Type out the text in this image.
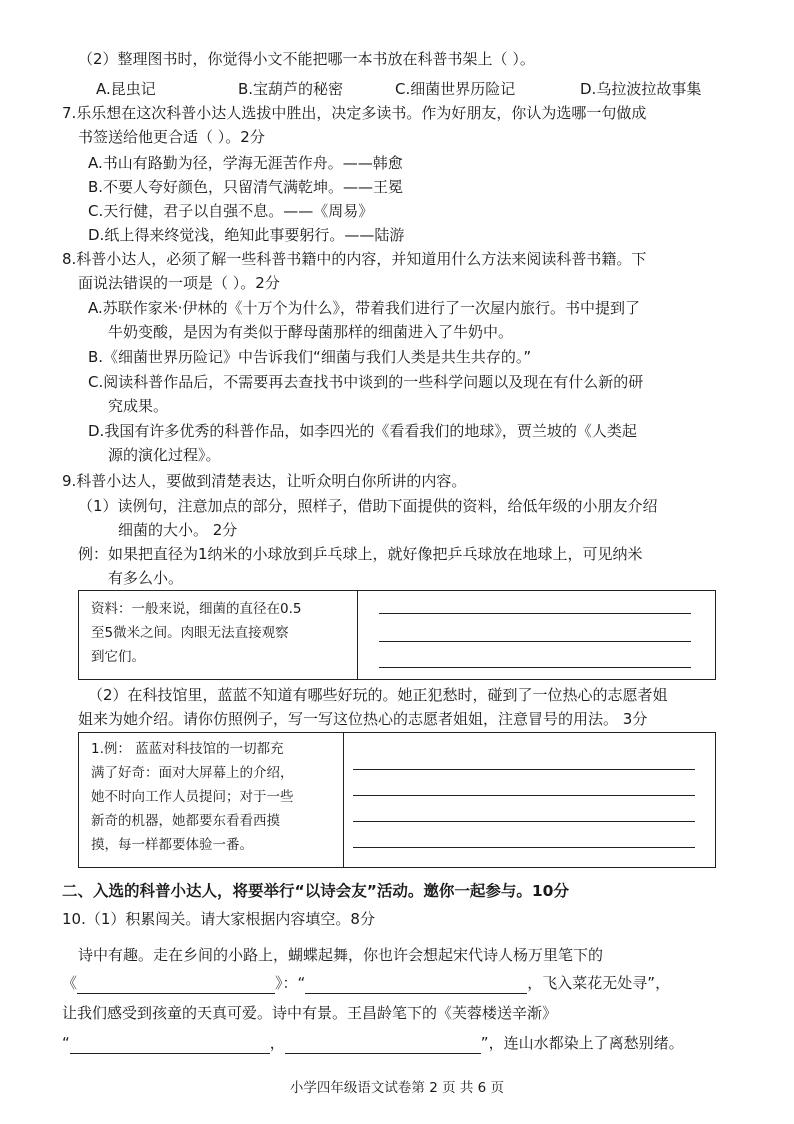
（2）整理图书时，你觉得小文不能把哪一本书放在科普书架上（ ）。
A.昆虫记	B.宝葫芦的秘密	C.细菌世界历险记	D.乌拉波拉故事集
7.乐乐想在这次科普小达人选拔中胜出，决定多读书。作为好朋友，你认为选哪一句做成
书签送给他更合适（ ）。2分
A.书山有路勤为径，学海无涯苦作舟。——韩愈
B.不要人夸好颜色，只留清气满乾坤。——王冕
C.天行健，君子以自强不息。——《周易》
D.纸上得来终觉浅，绝知此事要躬行。——陆游
8.科普小达人，必须了解一些科普书籍中的内容，并知道用什么方法来阅读科普书籍。下
面说法错误的一项是（ ）。2分
A.苏联作家米·伊林的《十万个为什么》，带着我们进行了一次屋内旅行。书中提到了
牛奶变酸，是因为有类似于酵母菌那样的细菌进入了牛奶中。
B.《细菌世界历险记》中告诉我们“细菌与我们人类是共生共存的。”
C.阅读科普作品后，不需要再去查找书中谈到的一些科学问题以及现在有什么新的研
究成果。
D.我国有许多优秀的科普作品，如李四光的《看看我们的地球》，贾兰坡的《人类起
源的演化过程》。
9.科普小达人，要做到清楚表达，让听众明白你所讲的内容。
（1）读例句，注意加点的部分，照样子，借助下面提供的资料，给低年级的小朋友介绍
细菌的大小。 2分
例：如果把直径为1纳米的小球放到乒乓球上，就好像把乒乓球放在地球上，可见纳米
有多么小。
资料：一般来说，细菌的直径在0.5
至5微米之间。肉眼无法直接观察
到它们。
（2）在科技馆里，蓝蓝不知道有哪些好玩的。她正犯愁时，碰到了一位热心的志愿者姐
姐来为她介绍。请你仿照例子，写一写这位热心的志愿者姐姐，注意冒号的用法。 3分
1.例： 蓝蓝对科技馆的一切都充
满了好奇：面对大屏幕上的介绍，
她不时向工作人员提问；对于一些
新奇的机器，她都要东看看西摸
摸，每一样都要体验一番。
二、入选的科普小达人，将要举行“以诗会友”活动。邀你一起参与。10分
10.（1）积累闯关。请大家根据内容填空。8分
诗中有趣。走在乡间的小路上，蝴蝶起舞，你也许会想起宋代诗人杨万里笔下的
《	》：“	，飞入菜花无处寻”，
让我们感受到孩童的天真可爱。诗中有景。王昌龄笔下的《芙蓉楼送辛渐》
“	，	”，连山水都染上了离愁别绪。
小学四年级语文试卷第 2 页 共 6 页
